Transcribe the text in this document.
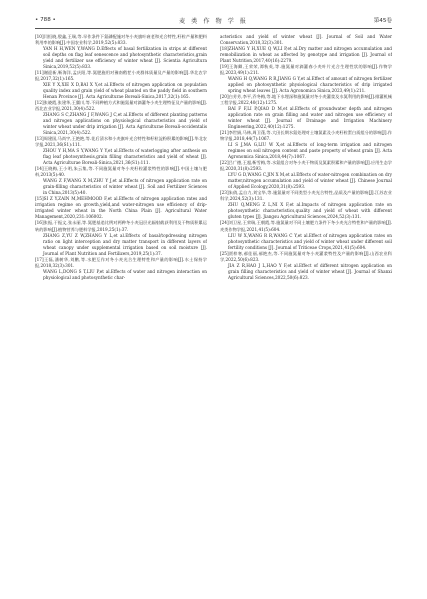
• 788 •	麦 类 作 物 学 报	第45卷

[10]闫恒晓,殷鑫,王瑞,等.旱作条件下氮磷配施对冬小麦旗叶衰老和光合特性,籽粒产量和肥料利用率的影响[J].中国农业科学,2019,52(5):833.

YAN H H,WEN Y,WANG D.Effects of basal fertilization in strips at different soil depths on flag leaf senescence and photosynthetic characteristics,grain yield and fertilizer use efficiency of winter wheat [J]. Scientia Agricultura Sinica,2019,52(5):833.

[11]谢迎新,靳海洋,孟庆阳,等.氮肥施用对豫南稻茬小麦群体质量及产量的影响[J].华北农学报,2017,32(1):165.

XIE Y X,XIE X D,BAI X Y,et al.Effects of nitrogen application on population quality index and grain yield of wheat planted on the paddy field in southern Henan Province [J]. Acta Agriculturae Boreali-Sinica,2017,32(1):165.

[12]张晓霞,张建华,王翼川,等.不同种植方式和施氮量对滴灌冬小麦生理特征及产量的影响[J].西北农业学报,2021,30(4):522.

ZHANG S C,ZHANG J F,WANG J C,et al.Effects of different planting patterns and nitrogen applications on physiological characteristics and yield of winter wheat under drip irrigation [J]. Acta Agriculturae Boreali-occidentalis Sinica,2021,30(4):522.

[13]周建国,马尚宇,王艳艳,等.花后渍水和小麦旗叶光合特性和籽粒淀粉积累的影响[J].华北农学报,2021,36(S1):111.

ZHOU Y H,MA S Y,WANG Y Y,et al.Effects of waterlogging after anthesis on flag leaf photosynthesis,grain filling characteristics and yield of wheat [J]. Acta Agriculturae Boreali-Sinica,2021,36(S1):111.

[14]王晓梅,王小明,朱云集,等.不同施氮量对冬小麦籽粒灌浆特性的影响[J].中国土壤与肥料,2013(5):40.

WANG Z F,WANG X M,ZHU Y J,et al.Effects of nitrogen application rate on grain-filling characteristics of winter wheat [J]. Soil and Fertilizer Sciences in China,2013(5):40.

[15]SI Z Y,ZAIN M,MEHMOOD F,et al.Effects of nitrogen application rates and irrigation regime on growth,yield,and water-nitrogen use efficiency of drip-irrigated winter wheat in the North China Plain [J]. Agricultural Water Management,2020,231:106002.

[16]张振,于振文,张永丽,等.氮肥基追比例对两种冬小麦冠层光辐射截获利用及干物质积累运转的影响[J].植物营养与肥料学报,2019,25(1):37.

ZHANG Z,YU Z W,ZHANG Y L,et al.Effects of basal/topdressing nitrogen ratio on light interception and dry matter transport in different layers of wheat canopy under supplemental irrigation based on soil moisture [J]. Journal of Plant Nutrition and Fertilizers,2019,25(1):37.

[17]王磊,潘树华,刘鹏,等.水肥互作对冬小麦光合生理特性和产量的影响[J].水土保持学报,2018,32(3):301.

WANG L,DONG S T,LIU P,et al.Effects of water and nitrogen interaction on physiological and photosynthetic char-

acteristics and yield of winter wheat [J]. Journal of Soil and Water Conservation,2018,32(3):301.

[18]ZHANG Y H,XUE Q W,LI P,et al.Dry matter and nitrogen accumulation and remobilization in wheat as affected by genotype and irrigation [J]. Journal of Plant Nutrition,2017,40(16):2279.

[19]王海卿,王荣荣,谭秋英,等.施氮量对滴灌春小麦叶片光合生理性状的影响[J].作物学报,2023,49(1):211.

WANG H Q,WANG R R,JIANG G Y,et al.Effect of amount of nitrogen fertilizer applied on photosynthetic physiological characteristics of drip irrigated spring wheat leaves [J]. Acta Agronomica Sinica,2023,49(1):211.

[20]白芳芳,李平,乔冬梅,等.地下水埋深和施氮量对冬小麦灌浆及水氮利用的影响[J].排灌机械工程学报,2022,40(12):1275.

BAI F F,LI P,QIAO D M,et al.Effects of groundwater depth and nitrogen application rate on grain filling and water and nitrogen use efficiency of winter wheat [J]. Journal of Drainage and Irrigation Machinery Engineering,2022,40(12):1275.

[21]李世娟,马林,周卫蓬,等.大田长期水氮处理对土壤氮素及小麦籽粒蛋白质组分的影响[J].作物学报,2018,44(7):1067.

LI S J,MA G,LIU W X,et al.Effects of long-term irrigation and nitrogen regimes on soil nitrogen content and paste property of wheat grain [J]. Acta Agronomica Sinica,2018,44(7):1067.

[22]吕广德,王超,靳雪梅,等.水氮组合对冬小麦干物质及氮素积累和产量的影响[J].应用生态学报,2020,31(8):2593.

LYU G D,WANG C,JIN X M,et al.Effects of water-nitrogen combination on dry matter,nitrogen accumulation and yield of winter wheat [J]. Chinese Journal of Applied Ecology,2020,31(8):2593.

[23]朱倩,孟自力,刘宝华,等.施氮量对不同类型小麦光合特性,品质及产量的影响[J].江苏农业科学,2024,52(3):131.

ZHU Q,MENG Z L,NI X F,et al.Impacts of nitrogen application rate on photosynthetic characteristics,quality and yield of wheat with different gluten types [J]. Jiangsu Agricultural Sciences,2024,52(3):131.

[24]刘卫星,王荣瑞,王朝霞,等.施氮量对不同土壤肥力条件下冬小麦光合特性和产量的影响[J].麦类作物学报,2021,41(5):604.

LIU W X,WANG R R,WANG C Y,et al.Effect of nitrogen application rates on photosynthetic characteristics and yield of winter wheat under different soil fertility conditions [J]. Journal of Triticeae Crops,2021,41(5):604.

[25]贾梓寒,郝佳丽,郝艳杰,等.不同施氮量对冬小麦灌浆特性及产量的影响[J].山西农业科学,2022,50(6):823.

JIA Z R,HAO J L,HAO Y F,et al.Effect of different nitrogen application on grain filling characteristics and yield of winter wheat [J]. Journal of Shanxi Agricultural Sciences,2022,50(6):823.
